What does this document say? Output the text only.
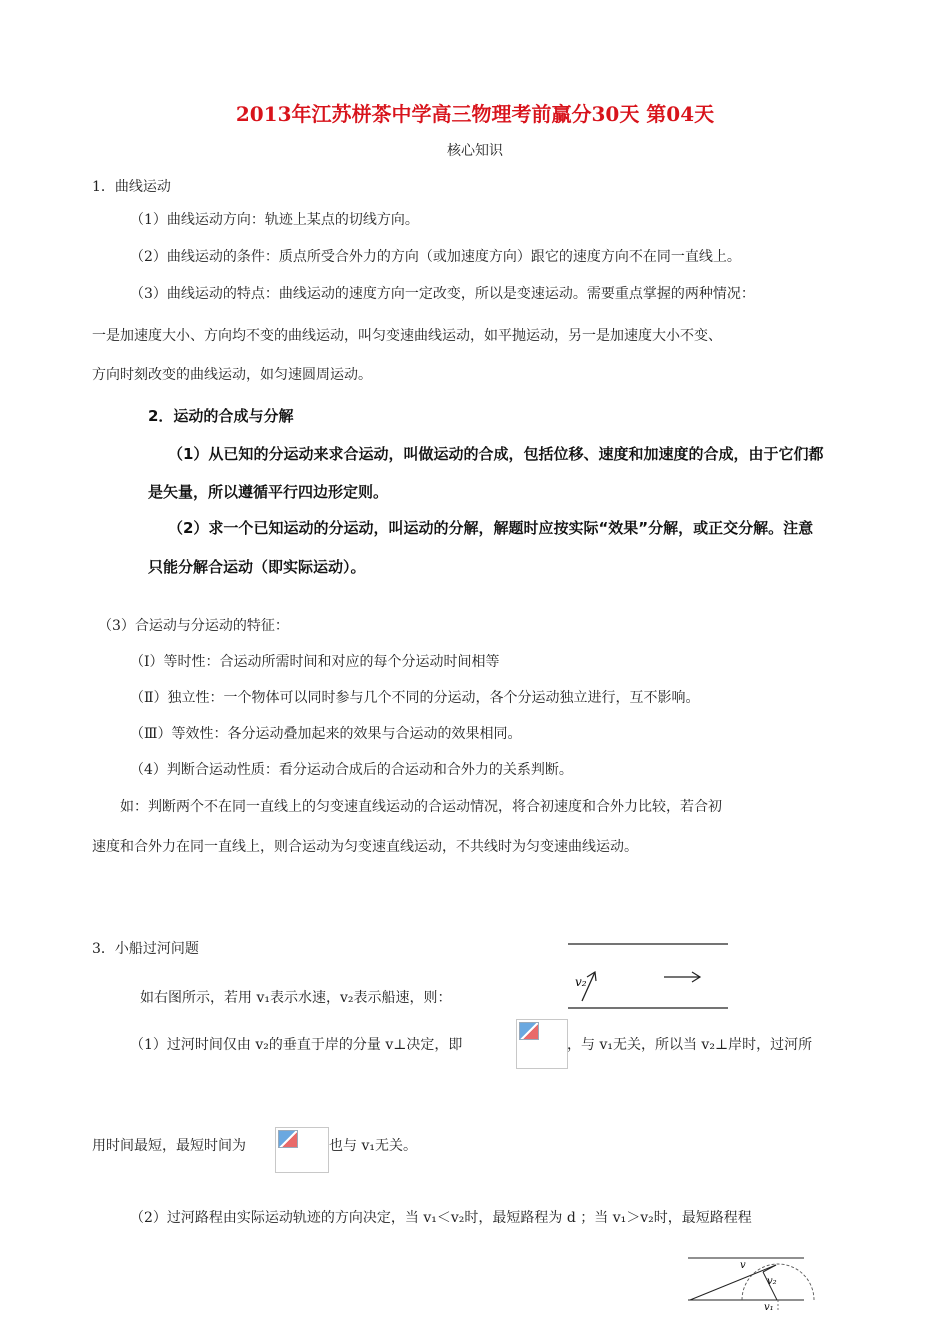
2013年江苏栟茶中学高三物理考前赢分30天 第04天
核心知识
1．曲线运动
（1）曲线运动方向：轨迹上某点的切线方向。
（2）曲线运动的条件：质点所受合外力的方向（或加速度方向）跟它的速度方向不在同一直线上。
（3）曲线运动的特点：曲线运动的速度方向一定改变，所以是变速运动。需要重点掌握的两种情况：
一是加速度大小、方向均不变的曲线运动，叫匀变速曲线运动，如平抛运动，另一是加速度大小不变、
方向时刻改变的曲线运动，如匀速圆周运动。
2．运动的合成与分解
（1）从已知的分运动来求合运动，叫做运动的合成，包括位移、速度和加速度的合成，由于它们都
是矢量，所以遵循平行四边形定则。
（2）求一个已知运动的分运动，叫运动的分解，解题时应按实际“效果”分解，或正交分解。注意
只能分解合运动（即实际运动）。
（3）合运动与分运动的特征：
（Ⅰ）等时性：合运动所需时间和对应的每个分运动时间相等
（Ⅱ）独立性：一个物体可以同时参与几个不同的分运动，各个分运动独立进行，互不影响。
（Ⅲ）等效性：各分运动叠加起来的效果与合运动的效果相同。
（4）判断合运动性质：看分运动合成后的合运动和合外力的关系判断。
如：判断两个不在同一直线上的匀变速直线运动的合运动情况，将合初速度和合外力比较，若合初
速度和合外力在同一直线上，则合运动为匀变速直线运动，不共线时为匀变速曲线运动。
3．小船过河问题
如右图所示，若用 v₁表示水速，v₂表示船速，则：
v₂
（1）过河时间仅由 v₂的垂直于岸的分量 v⊥决定，即	，与 v₁无关，所以当 v₂⊥岸时，过河所
用时间最短，最短时间为	也与 v₁无关。
（2）过河路程由实际运动轨迹的方向决定，当 v₁＜v₂时，最短路程为 d ；当 v₁＞v₂时，最短路程程
v
v₂
v₁
